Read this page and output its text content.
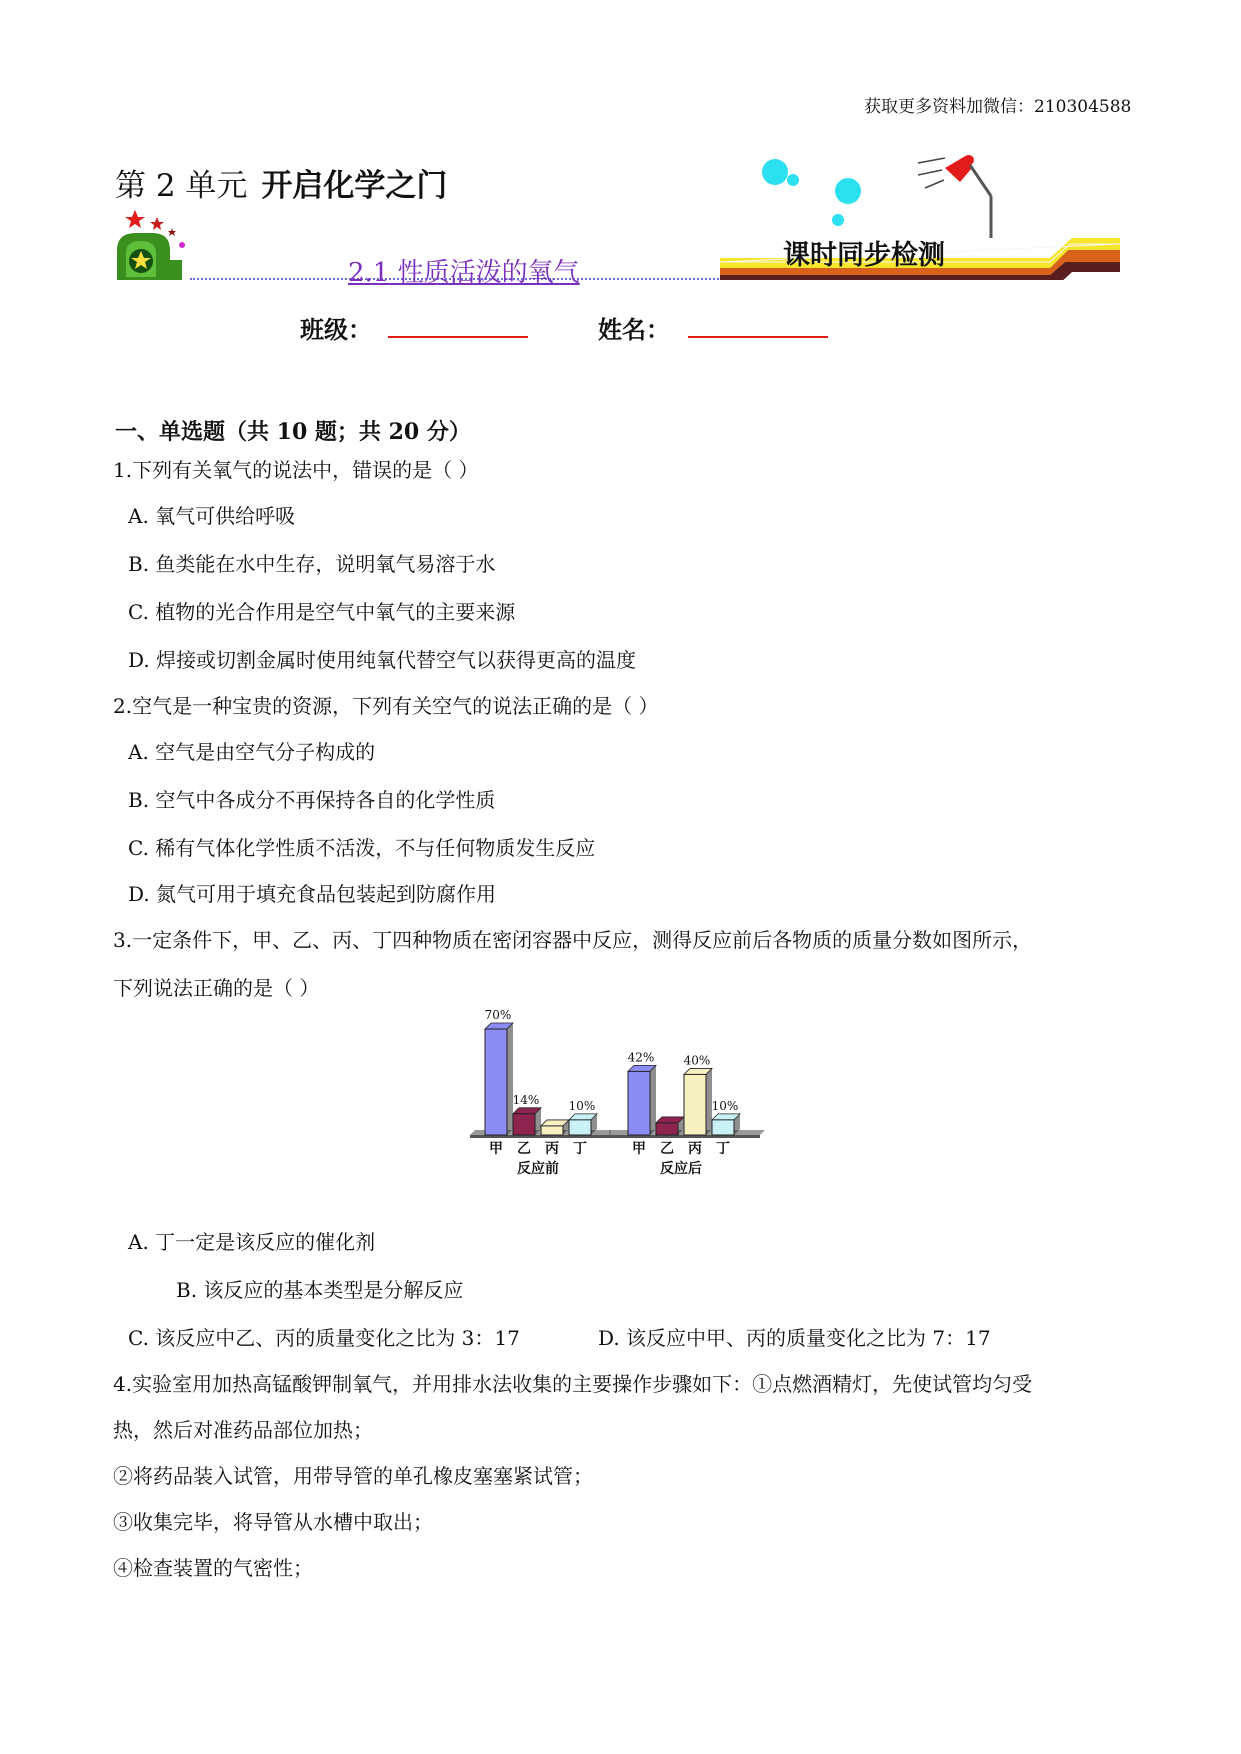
获取更多资料加微信：210304588
第 2 单元 开启化学之门
2.1 性质活泼的氧气
课时同步检测
班级：	姓名：
一、单选题（共 10 题；共 20 分）
1.下列有关氧气的说法中，错误的是（ ）
A. 氧气可供给呼吸
B. 鱼类能在水中生存，说明氧气易溶于水
C. 植物的光合作用是空气中氧气的主要来源
D. 焊接或切割金属时使用纯氧代替空气以获得更高的温度
2.空气是一种宝贵的资源，下列有关空气的说法正确的是（ ）
A. 空气是由空气分子构成的
B. 空气中各成分不再保持各自的化学性质
C. 稀有气体化学性质不活泼，不与任何物质发生反应
D. 氮气可用于填充食品包装起到防腐作用
3.一定条件下，甲、乙、丙、丁四种物质在密闭容器中反应，测得反应前后各物质的质量分数如图所示，
下列说法正确的是（ ）
70%
甲
14%
乙 丙
10%
丁
反应前
42%
甲 乙
40%
丙
10%
丁
反应后
A. 丁一定是该反应的催化剂
B. 该反应的基本类型是分解反应
C. 该反应中乙、丙的质量变化之比为 3：17	D. 该反应中甲、丙的质量变化之比为 7：17
4.实验室用加热高锰酸钾制氧气，并用排水法收集的主要操作步骤如下：①点燃酒精灯，先使试管均匀受
热，然后对准药品部位加热；
②将药品装入试管，用带导管的单孔橡皮塞塞紧试管；
③收集完毕，将导管从水槽中取出；
④检查装置的气密性；
